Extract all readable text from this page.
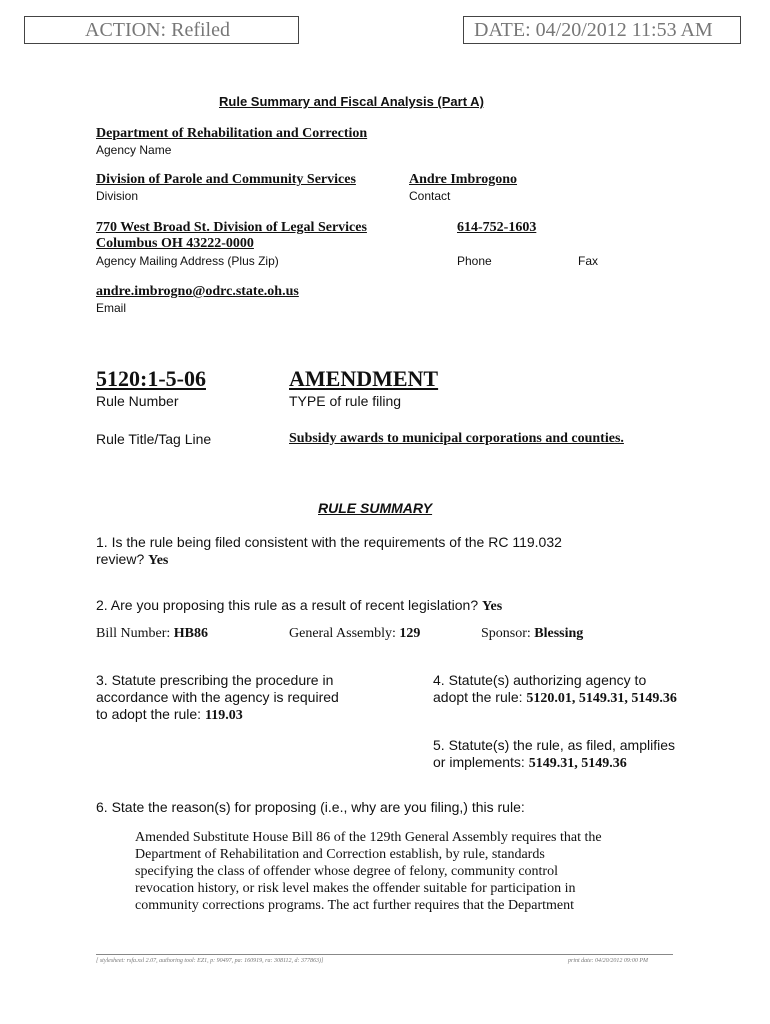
ACTION: Refiled	DATE: 04/20/2012 11:53 AM
Rule Summary and Fiscal Analysis (Part A)
Department of Rehabilitation and Correction
Agency Name
Division of Parole and Community Services
Division
Andre Imbrogono
Contact
770 West Broad St. Division of Legal Services
Columbus OH 43222-0000
Agency Mailing Address (Plus Zip)
614-752-1603
Phone	Fax
andre.imbrogno@odrc.state.oh.us
Email
5120:1-5-06
Rule Number
AMENDMENT
TYPE of rule filing
Rule Title/Tag Line	Subsidy awards to municipal corporations and counties.
RULE SUMMARY
1. Is the rule being filed consistent with the requirements of the RC 119.032
review? Yes
2. Are you proposing this rule as a result of recent legislation? Yes
Bill Number: HB86	General Assembly: 129	Sponsor: Blessing
3. Statute prescribing the procedure in
accordance with the agency is required
to adopt the rule: 119.03
4. Statute(s) authorizing agency to
adopt the rule: 5120.01, 5149.31, 5149.36
5. Statute(s) the rule, as filed, amplifies
or implements: 5149.31, 5149.36
6. State the reason(s) for proposing (i.e., why are you filing,) this rule:
Amended Substitute House Bill 86 of the 129th General Assembly requires that the
Department of Rehabilitation and Correction establish, by rule, standards
specifying the class of offender whose degree of felony, community control
revocation history, or risk level makes the offender suitable for participation in
community corrections programs. The act further requires that the Department
[ stylesheet: rsfa.xsl 2.07, authoring tool: EZ1, p: 90497, pa: 160919, ra: 308112, d: 377863)]	print date: 04/20/2012 09:00 PM
